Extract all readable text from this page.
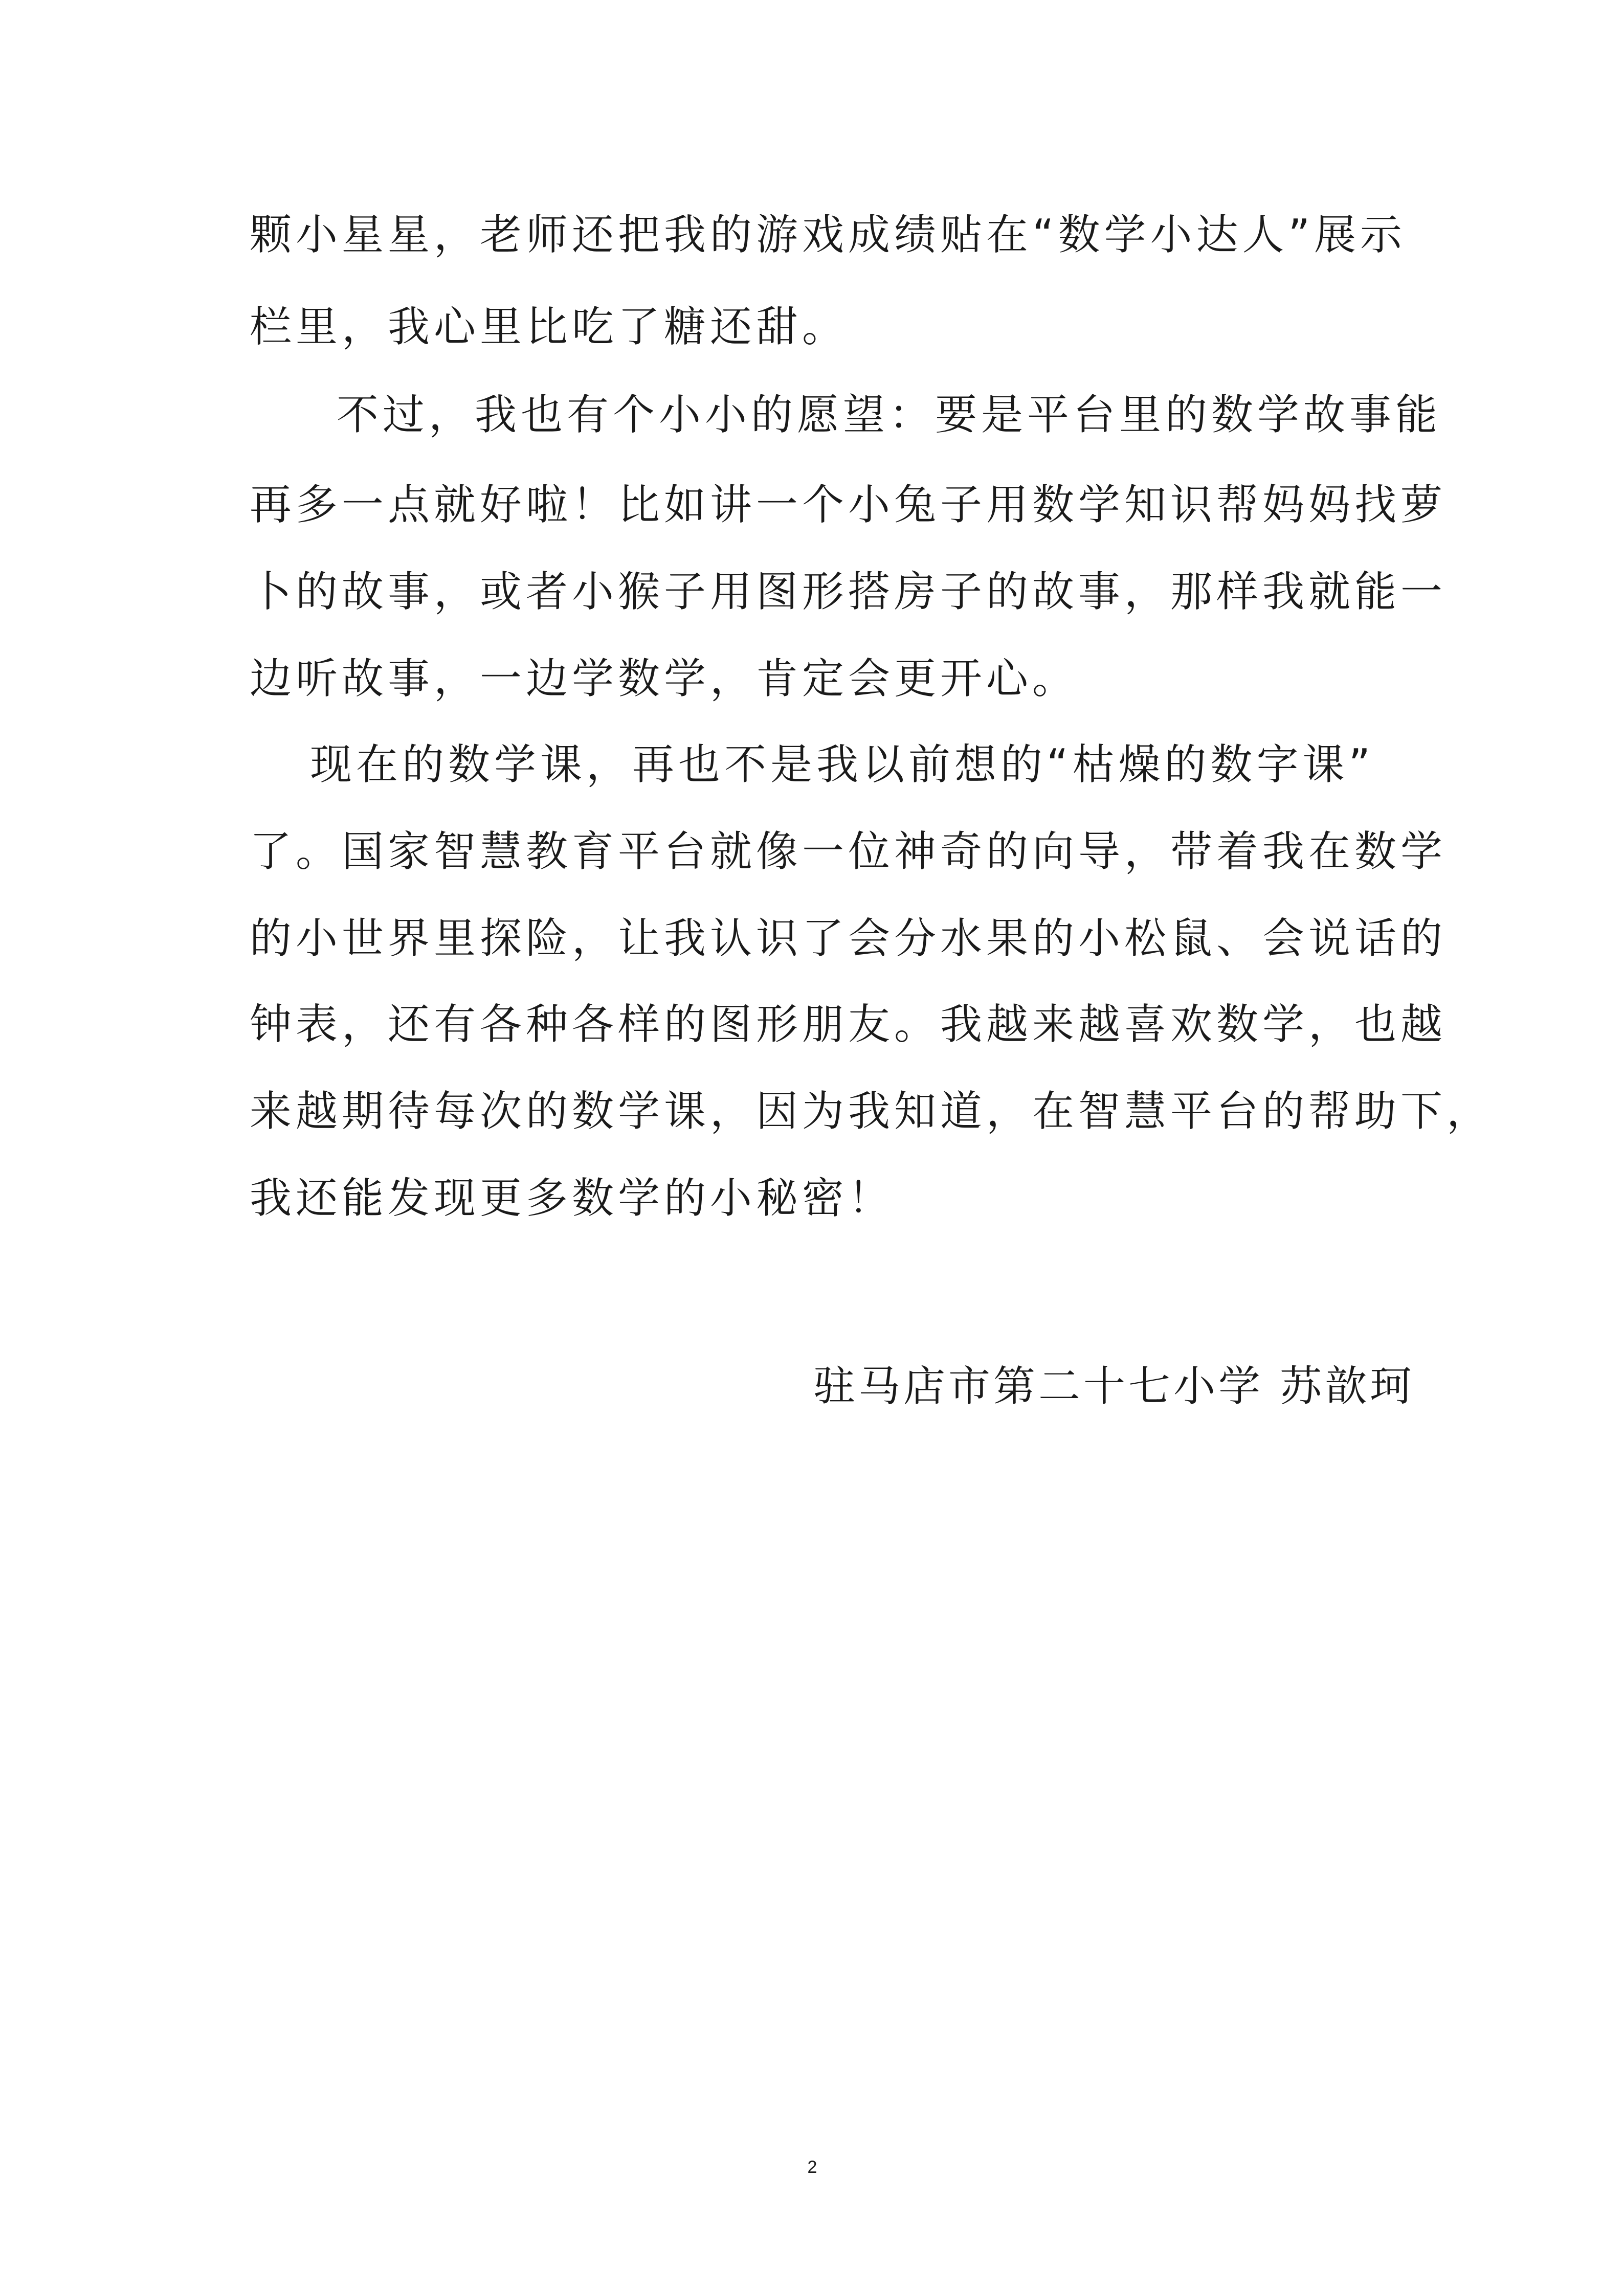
颗小星星，老师还把我的游戏成绩贴在“数学小达人”展示
栏里，我心里比吃了糖还甜。
不过，我也有个小小的愿望：要是平台里的数学故事能
再多一点就好啦！比如讲一个小兔子用数学知识帮妈妈找萝
卜的故事，或者小猴子用图形搭房子的故事，那样我就能一
边听故事，一边学数学，肯定会更开心。
现在的数学课，再也不是我以前想的“枯燥的数字课”
了。国家智慧教育平台就像一位神奇的向导，带着我在数学
的小世界里探险，让我认识了会分水果的小松鼠、会说话的
钟表，还有各种各样的图形朋友。我越来越喜欢数学，也越
来越期待每次的数学课，因为我知道，在智慧平台的帮助下，
我还能发现更多数学的小秘密！
驻马店市第二十七小学 苏歆珂
2
